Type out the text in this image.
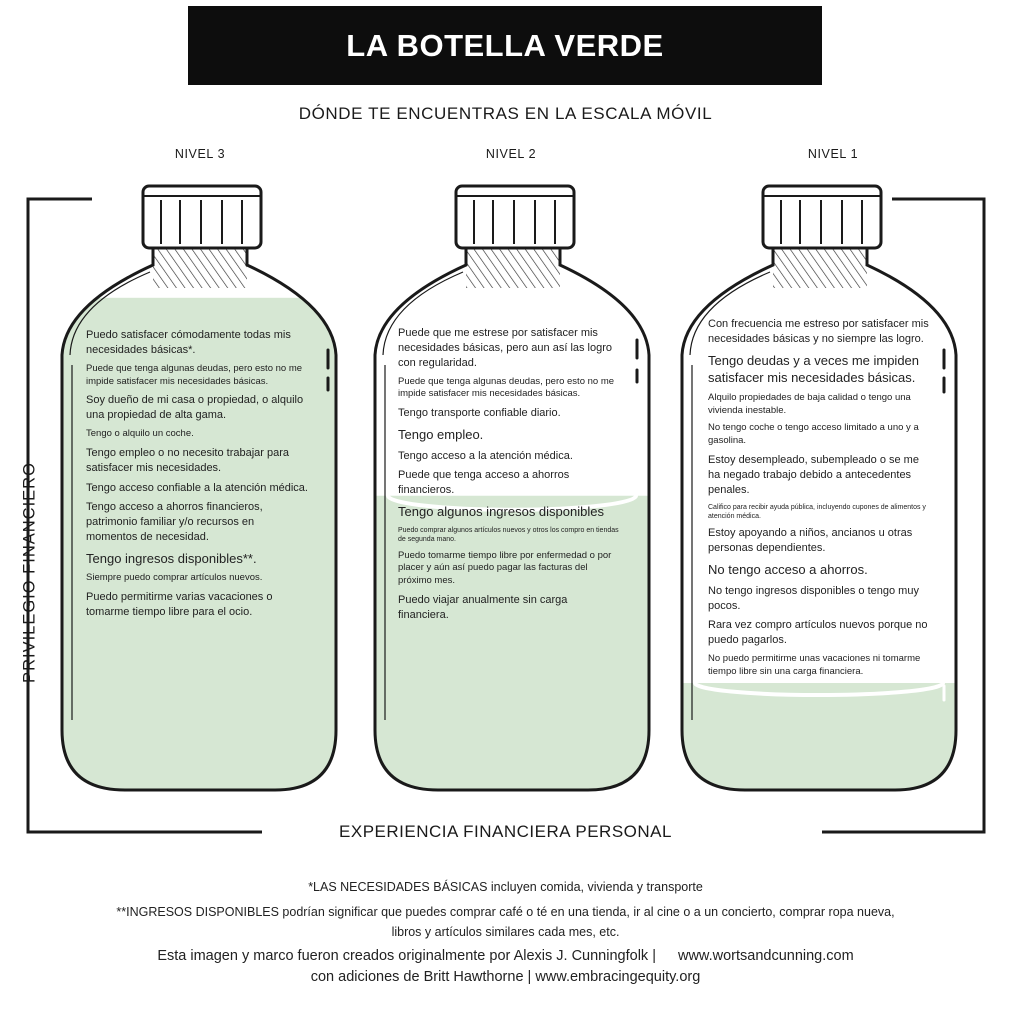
LA BOTELLA VERDE
DÓNDE TE ENCUENTRAS EN LA ESCALA MÓVIL
NIVEL 3	NIVEL 2	NIVEL 1
PRIVILEGIO FINANCIERO
EXPERIENCIA FINANCIERA PERSONAL

Puedo satisfacer cómodamente todas mis necesidades básicas*.

Puede que tenga algunas deudas, pero esto no me impide satisfacer mis necesidades básicas.

Soy dueño de mi casa o propiedad, o alquilo una propiedad de alta gama.

Tengo o alquilo un coche.

Tengo empleo o no necesito trabajar para satisfacer mis necesidades.

Tengo acceso confiable a la atención médica.

Tengo acceso a ahorros financieros, patrimonio familiar y/o recursos en momentos de necesidad.

Tengo ingresos disponibles**.

Siempre puedo comprar artículos nuevos.

Puedo permitirme varias vacaciones o tomarme tiempo libre para el ocio.

Puede que me estrese por satisfacer mis necesidades básicas, pero aun así las logro con regularidad.

Puede que tenga algunas deudas, pero esto no me impide satisfacer mis necesidades básicas.

Tengo transporte confiable diario.

Tengo empleo.

Tengo acceso a la atención médica.

Puede que tenga acceso a ahorros financieros.

Tengo algunos ingresos disponibles

Puedo comprar algunos artículos nuevos y otros los compro en tiendas de segunda mano.

Puedo tomarme tiempo libre por enfermedad o por placer y aún así puedo pagar las facturas del próximo mes.

Puedo viajar anualmente sin carga financiera.

Con frecuencia me estreso por satisfacer mis necesidades básicas y no siempre las logro.

Tengo deudas y a veces me impiden satisfacer mis necesidades básicas.

Alquilo propiedades de baja calidad o tengo una vivienda inestable.

No tengo coche o tengo acceso limitado a uno y a gasolina.

Estoy desempleado, subempleado o se me ha negado trabajo debido a antecedentes penales.

Califico para recibir ayuda pública, incluyendo cupones de alimentos y atención médica.

Estoy apoyando a niños, ancianos u otras personas dependientes.

No tengo acceso a ahorros.

No tengo ingresos disponibles o tengo muy pocos.

Rara vez compro artículos nuevos porque no puedo pagarlos.

No puedo permitirme unas vacaciones ni tomarme tiempo libre sin una carga financiera.

*LAS NECESIDADES BÁSICAS incluyen comida, vivienda y transporte

**INGRESOS DISPONIBLES podrían significar que puedes comprar café o té en una tienda, ir al cine o a un concierto, comprar ropa nueva, libros y artículos similares cada mes, etc.

Esta imagen y marco fueron creados originalmente por Alexis J. Cunningfolk | www.wortsandcunning.com
con adiciones de Britt Hawthorne | www.embracingequity.org
